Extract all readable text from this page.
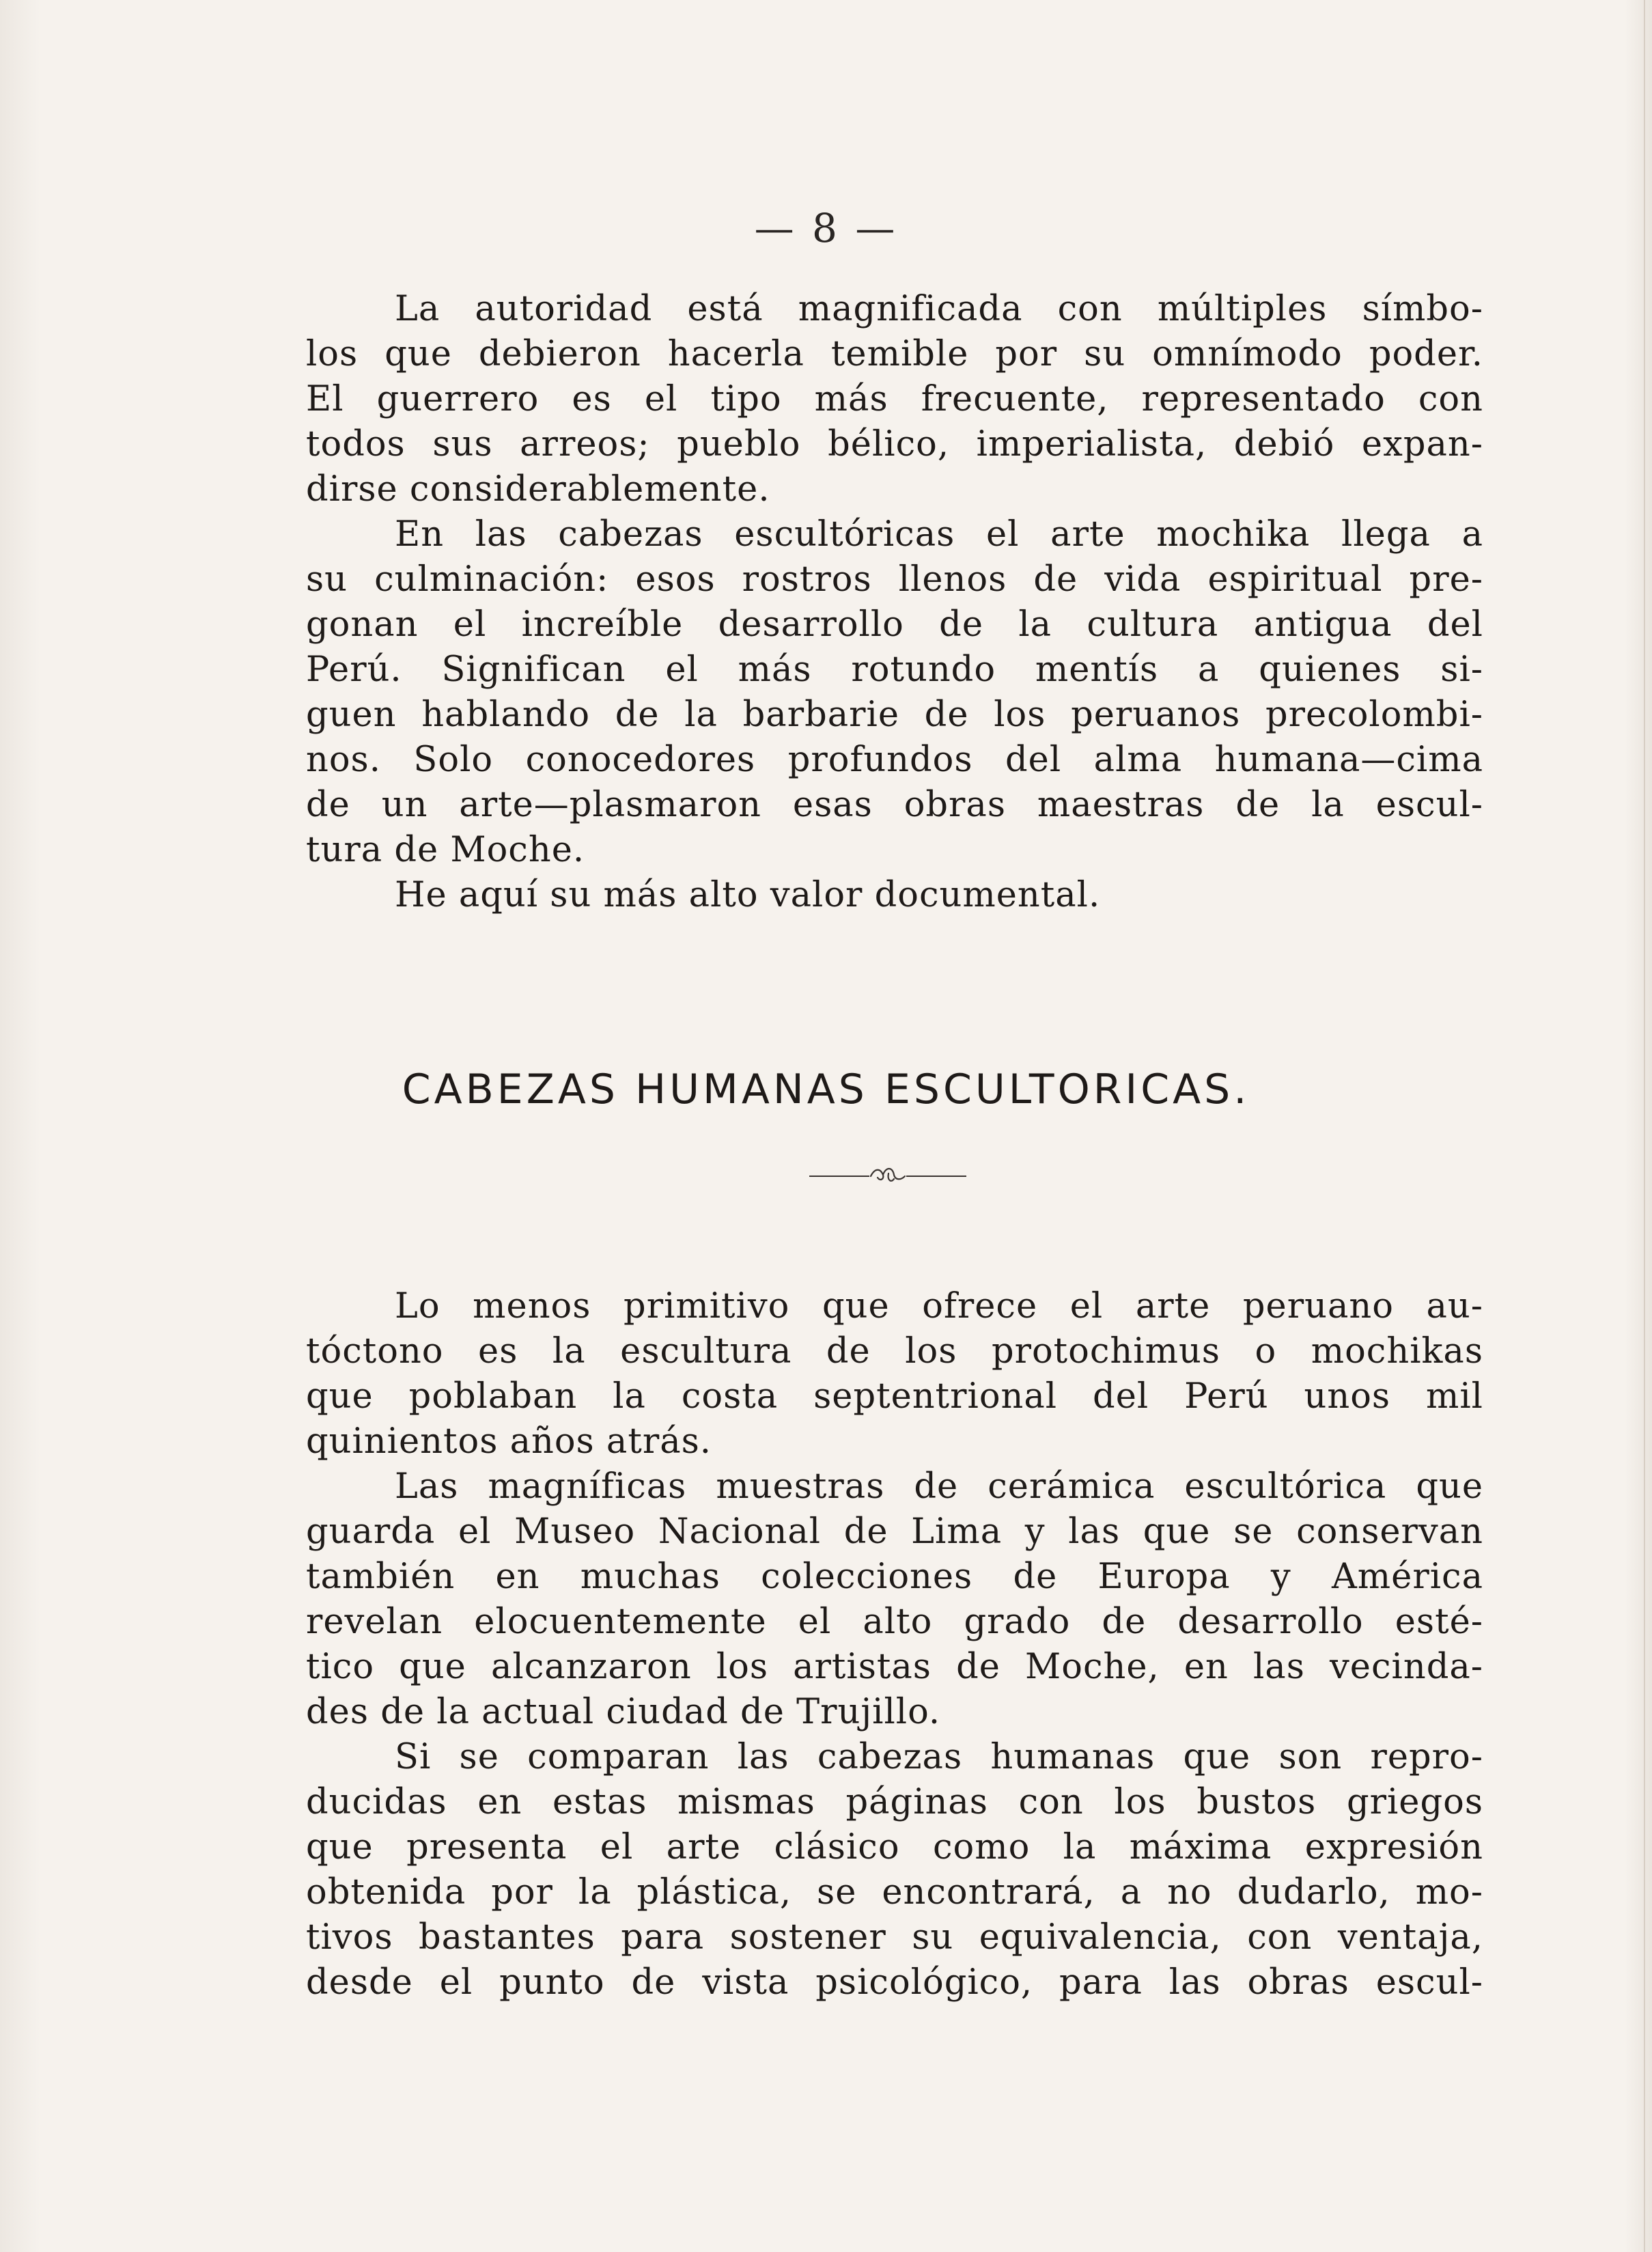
— 8 —
La autoridad está magnificada con múltiples símbo-
los que debieron hacerla temible por su omnímodo poder.
El guerrero es el tipo más frecuente, representado con
todos sus arreos; pueblo bélico, imperialista, debió expan-
dirse considerablemente.
En las cabezas escultóricas el arte mochika llega a
su culminación: esos rostros llenos de vida espiritual pre-
gonan el increíble desarrollo de la cultura antigua del
Perú. Significan el más rotundo mentís a quienes si-
guen hablando de la barbarie de los peruanos precolombi-
nos. Solo conocedores profundos del alma humana—cima
de un arte—plasmaron esas obras maestras de la escul-
tura de Moche.
He aquí su más alto valor documental.
CABEZAS HUMANAS ESCULTORICAS.
Lo menos primitivo que ofrece el arte peruano au-
tóctono es la escultura de los protochimus o mochikas
que poblaban la costa septentrional del Perú unos mil
quinientos años atrás.
Las magníficas muestras de cerámica escultórica que
guarda el Museo Nacional de Lima y las que se conservan
también en muchas colecciones de Europa y América
revelan elocuentemente el alto grado de desarrollo esté-
tico que alcanzaron los artistas de Moche, en las vecinda-
des de la actual ciudad de Trujillo.
Si se comparan las cabezas humanas que son repro-
ducidas en estas mismas páginas con los bustos griegos
que presenta el arte clásico como la máxima expresión
obtenida por la plástica, se encontrará, a no dudarlo, mo-
tivos bastantes para sostener su equivalencia, con ventaja,
desde el punto de vista psicológico, para las obras escul-
